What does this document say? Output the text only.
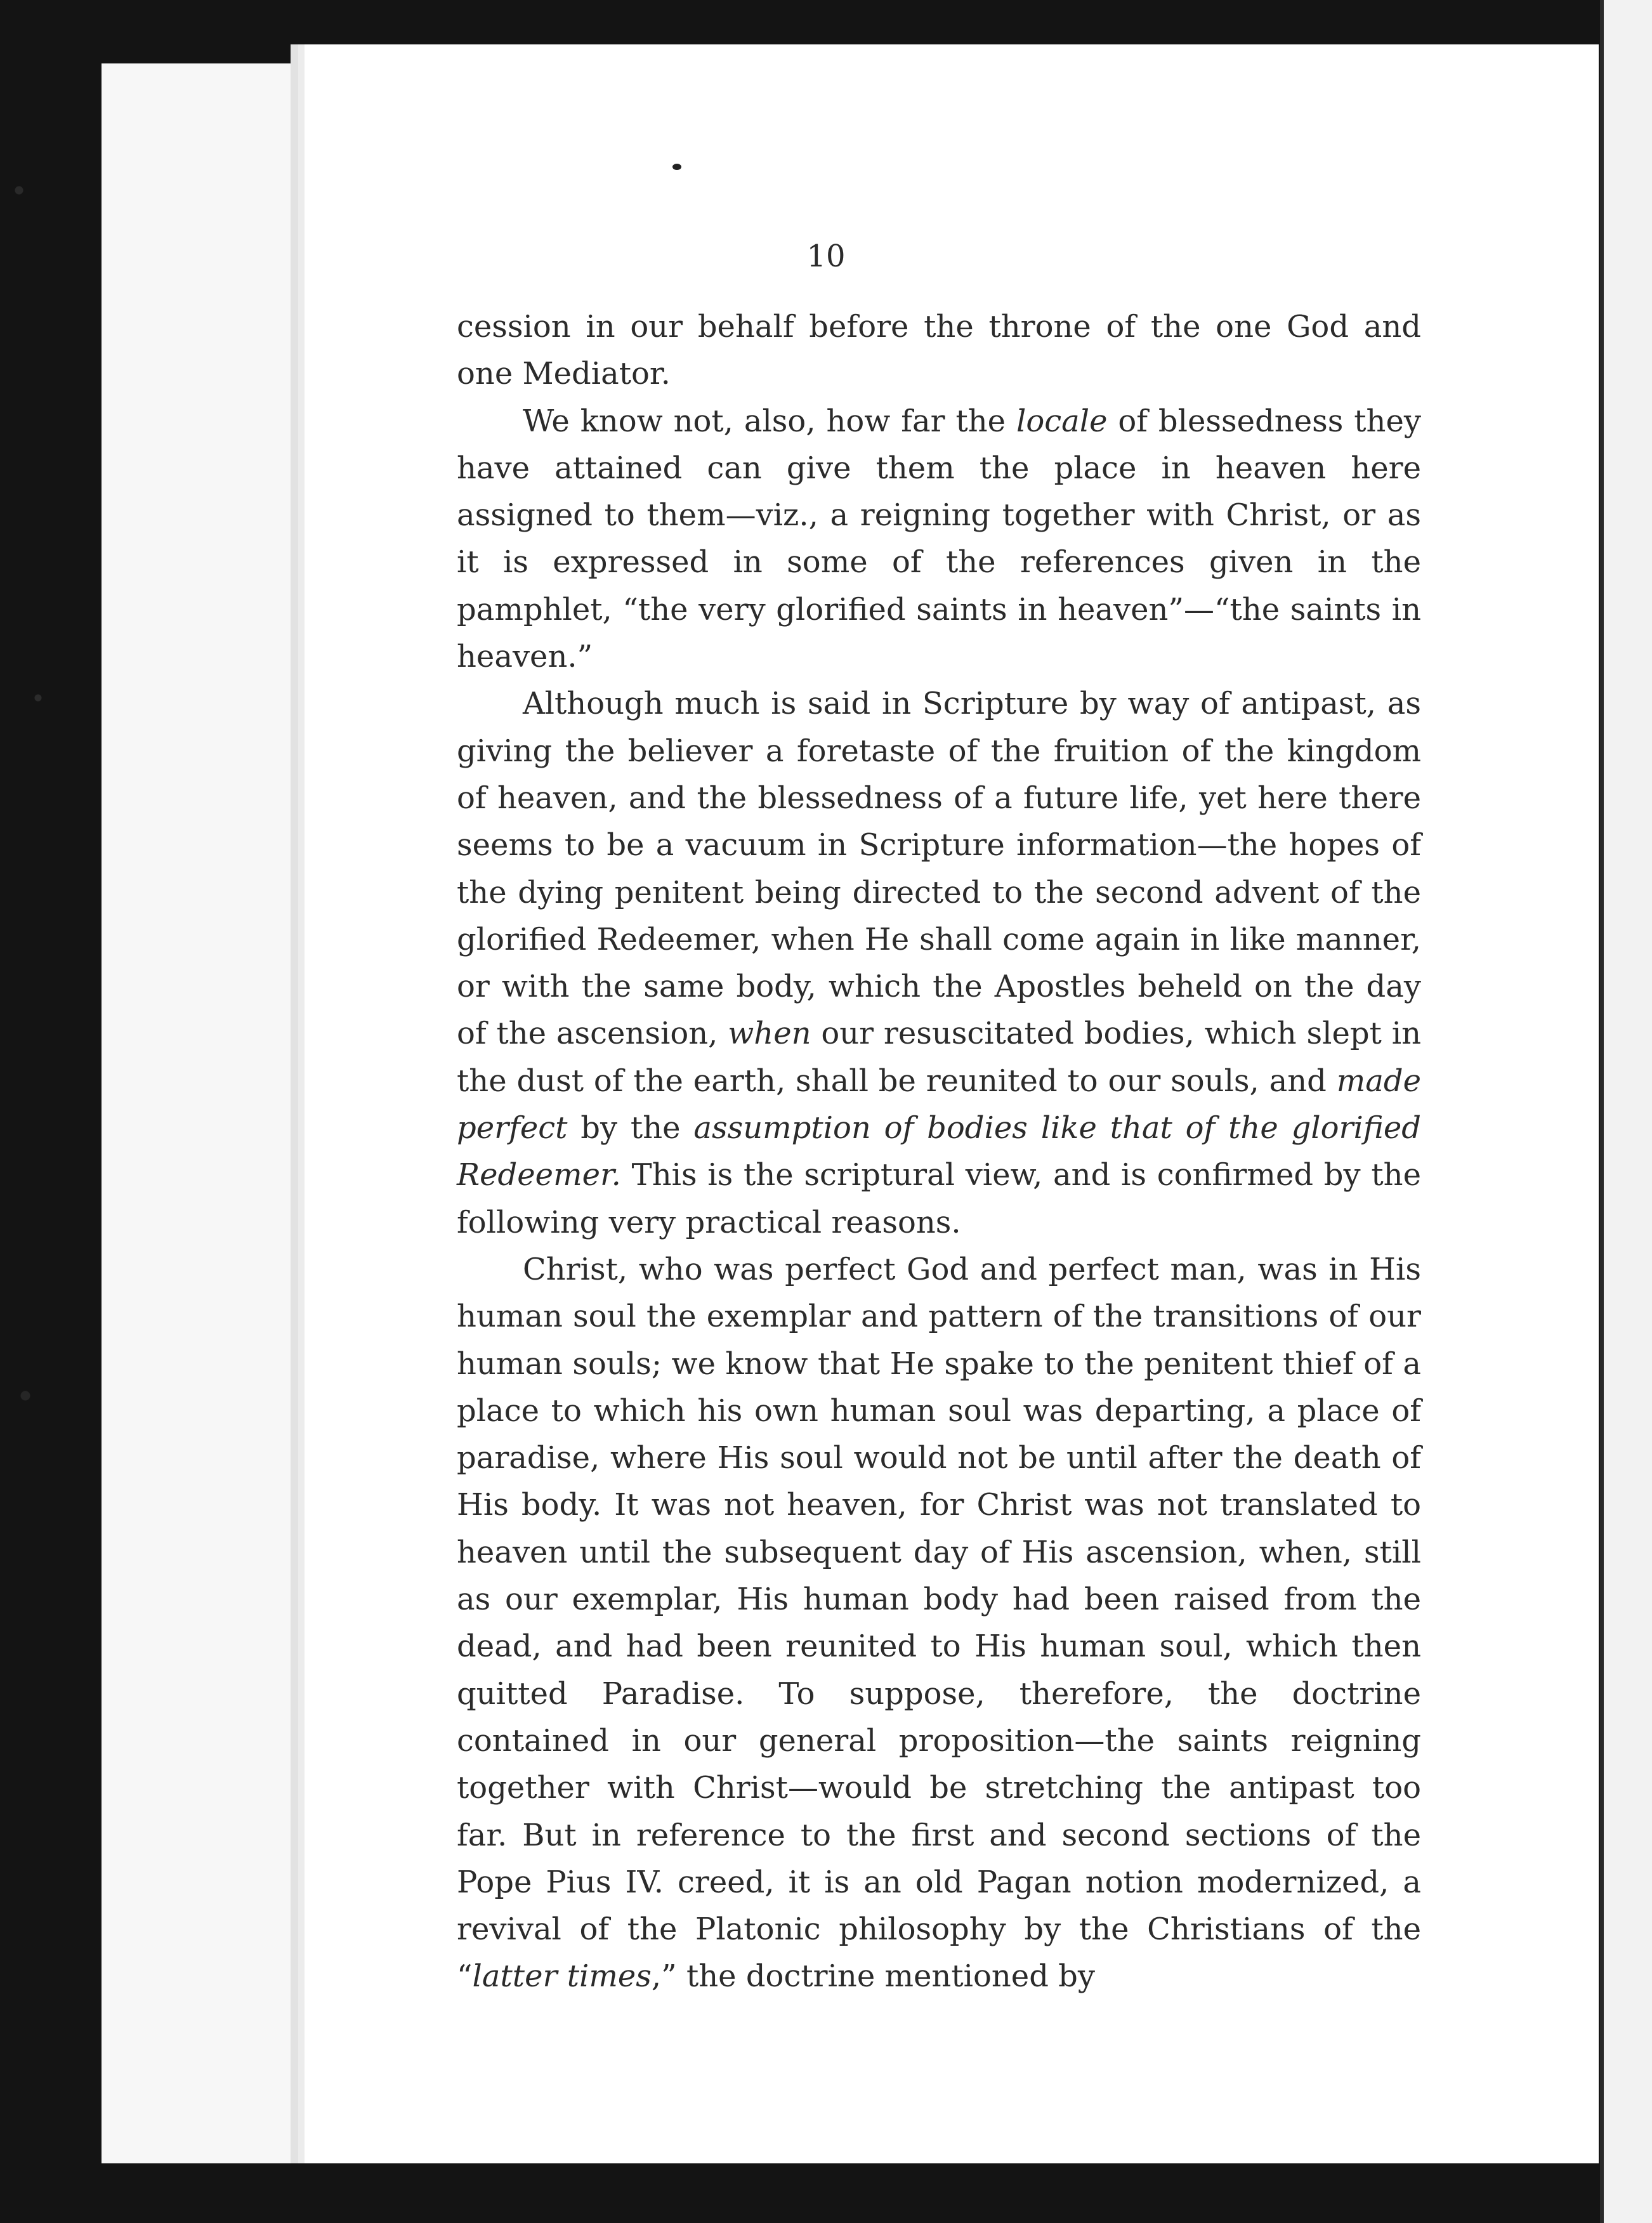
10

cession in our behalf before the throne of the one God and one Mediator.

We know not, also, how far the locale of blessedness they have attained can give them the place in heaven here assigned to them—viz., a reigning together with Christ, or as it is expressed in some of the references given in the pamphlet, “the very glorified saints in heaven”—“the saints in heaven.”

Although much is said in Scripture by way of antipast, as giving the believer a foretaste of the fruition of the kingdom of heaven, and the blessedness of a future life, yet here there seems to be a vacuum in Scripture information—the hopes of the dying penitent being directed to the second advent of the glorified Redeemer, when He shall come again in like manner, or with the same body, which the Apostles beheld on the day of the ascension, when our resuscitated bodies, which slept in the dust of the earth, shall be reunited to our souls, and made perfect by the assumption of bodies like that of the glorified Redeemer. This is the scriptural view, and is confirmed by the following very practical reasons.

Christ, who was perfect God and perfect man, was in His human soul the exemplar and pattern of the transitions of our human souls; we know that He spake to the penitent thief of a place to which his own human soul was departing, a place of paradise, where His soul would not be until after the death of His body. It was not heaven, for Christ was not translated to heaven until the subsequent day of His ascension, when, still as our exemplar, His human body had been raised from the dead, and had been reunited to His human soul, which then quitted Paradise. To suppose, therefore, the doctrine contained in our general proposition—the saints reigning together with Christ—would be stretching the antipast too far. But in reference to the first and second sections of the Pope Pius IV. creed, it is an old Pagan notion modernized, a revival of the Platonic philosophy by the Christians of the “latter times,” the doctrine mentioned by
